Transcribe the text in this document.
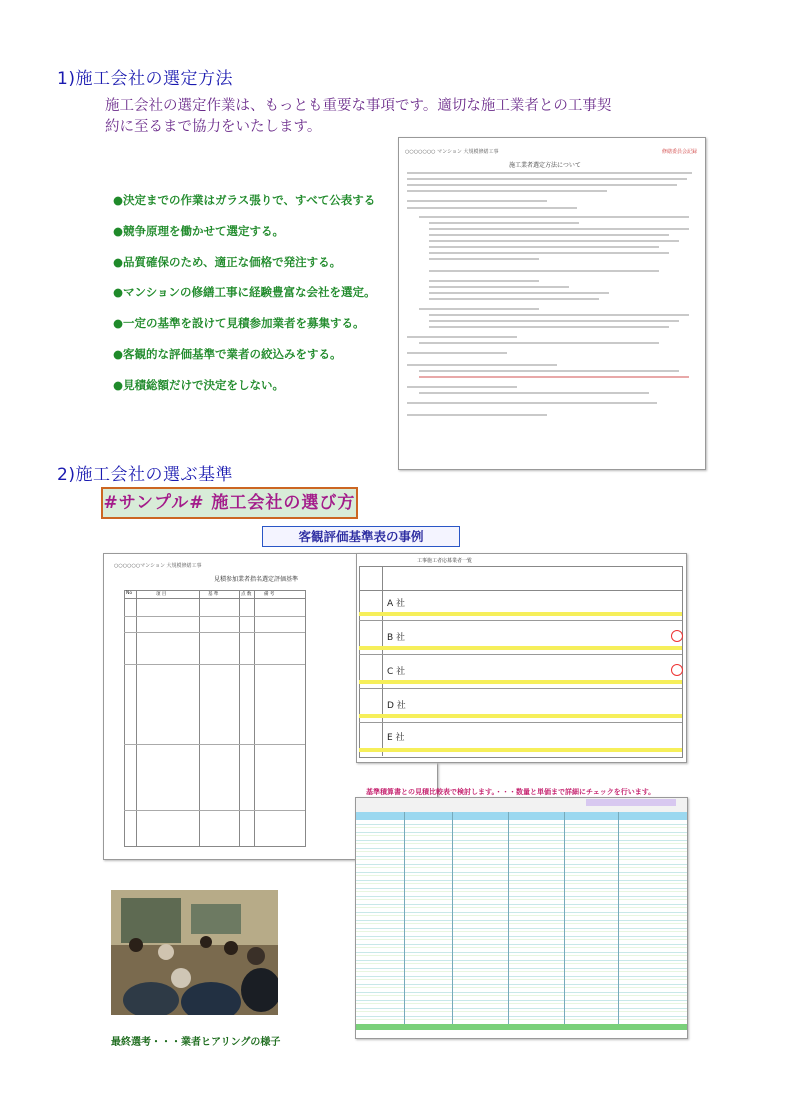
1)施工会社の選定方法
施工会社の選定作業は、もっとも重要な事項です。適切な施工業者との工事契
約に至るまで協力をいたします。
●決定までの作業はガラス張りで、すべて公表する
●競争原理を働かせて選定する。
●品質確保のため、適正な価格で発注する。
●マンションの修繕工事に経験豊富な会社を選定。
●一定の基準を設けて見積参加業者を募集する。
●客観的な評価基準で業者の絞込みをする。
●見積総額だけで決定をしない。
○○○○○○○ マンション 大規模修繕工事	修繕委員会記録
施工業者選定方法について
2)施工会社の選ぶ基準
#サンプル# 施工会社の選び方
客観評価基準表の事例
○○○○○○マンション 大規模修繕工事
見積参加業者指名選定評価基準
No	項 目	基 準	点 数	備 考
工事施工者応募業者一覧
A 社
B 社
C 社
D 社
E 社
基準積算書との見積比較表で検討します。・・・数量と単価まで詳細にチェックを行います。
最終選考・・・業者ヒアリングの様子
